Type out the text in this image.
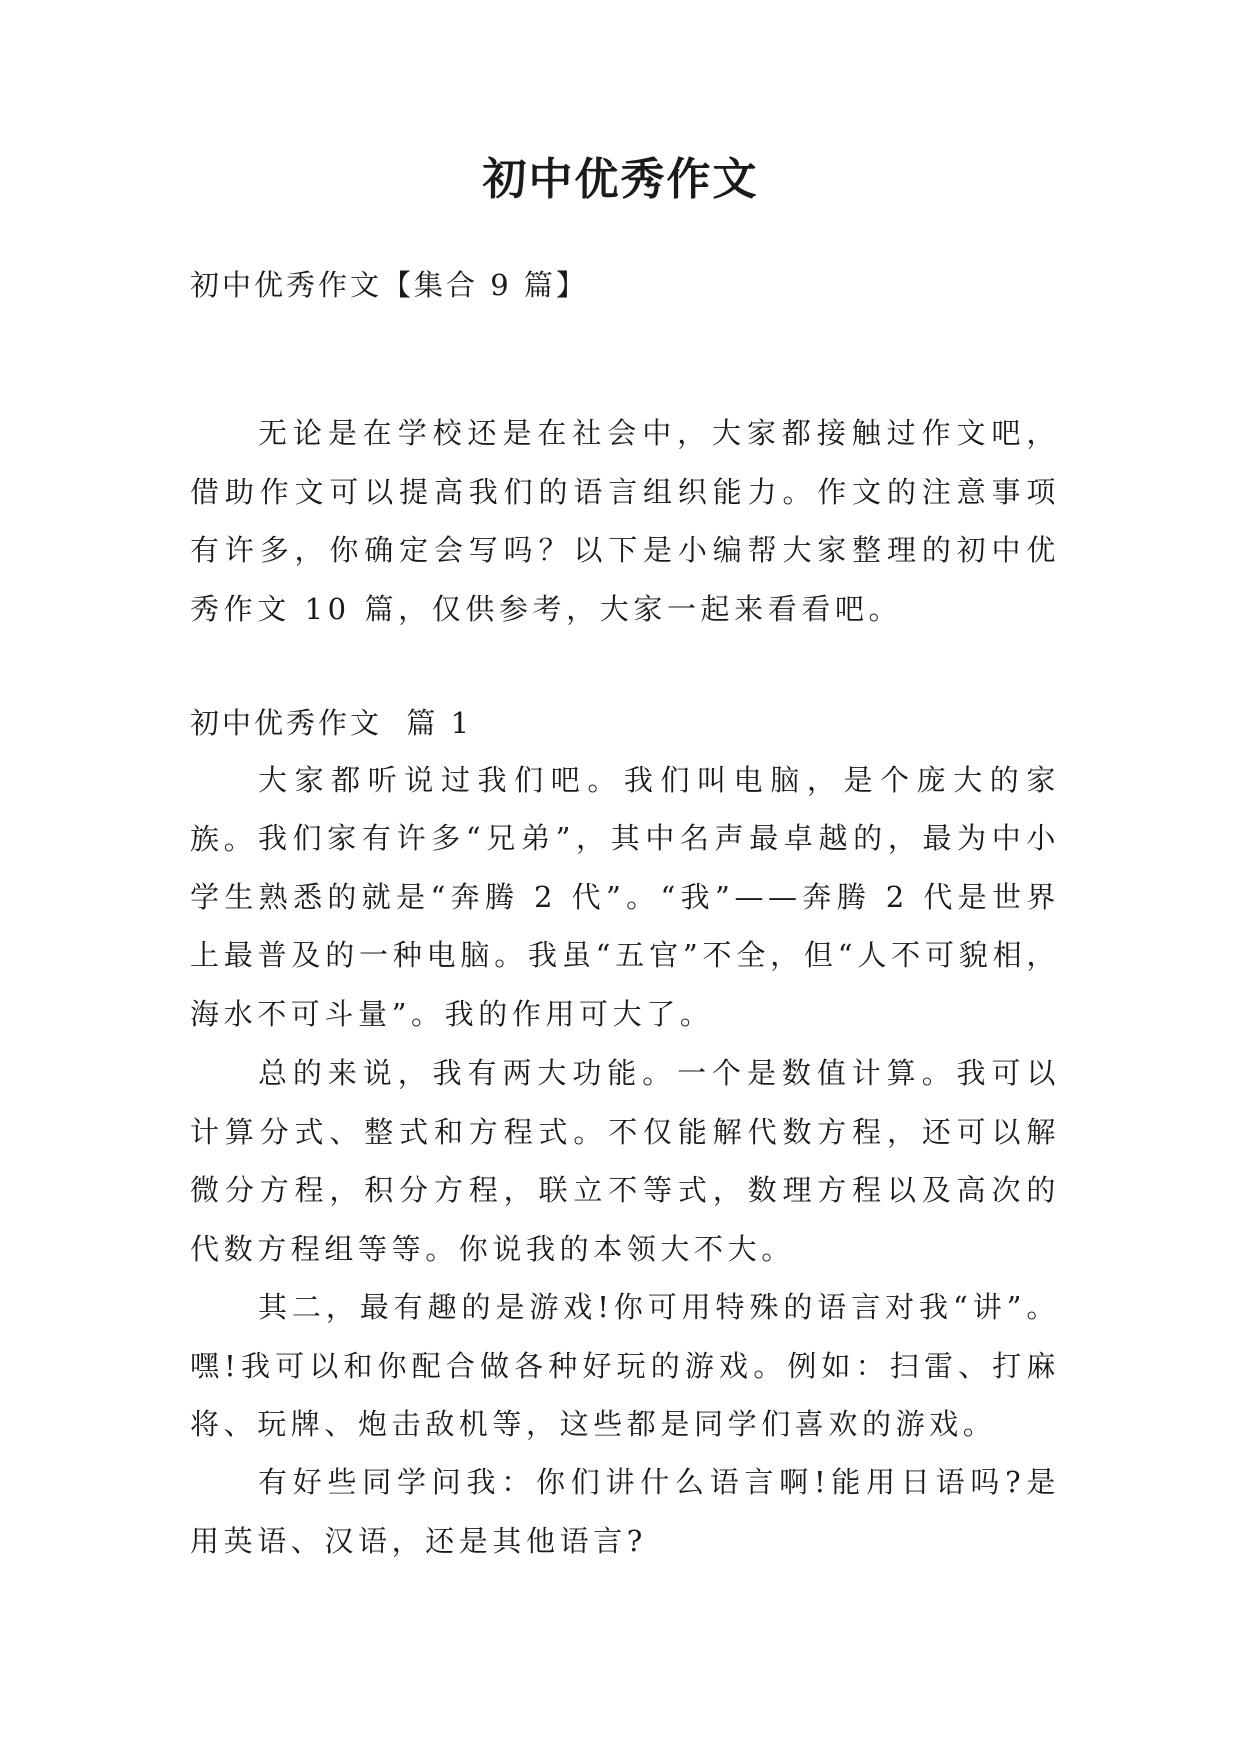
初中优秀作文

初中优秀作文【集合 9 篇】

无论是在学校还是在社会中，大家都接触过作文吧，借助作文可以提高我们的语言组织能力。作文的注意事项有许多，你确定会写吗？以下是小编帮大家整理的初中优秀作文 10 篇，仅供参考，大家一起来看看吧。

初中优秀作文  篇 1

大家都听说过我们吧。我们叫电脑，是个庞大的家族。 我们家有许多“兄弟”，其中名声最卓越的，最为中小学生熟悉的就是“奔腾 2 代”。“我”——奔腾 2 代是世界上最普及的一种电脑。我虽“五官”不全，但“人不可貌相，海水不可斗量”。我的作用可大了。

总的来说，我有两大功能。一个是数值计算。我可以计算分式、整式和方程式。不仅能解代数方程，还可以解微分方程，积分方程，联立不等式，数理方程以及高次的代数方程组等等。你说我的本领大不大。

其二，最有趣的是游戏!你可用特殊的语言对我“讲”。嘿!我可以和你配合做各种好玩的游戏。例如：扫雷、打麻将、玩牌、炮击敌机等，这些都是同学们喜欢的游戏。

有好些同学问我：你们讲什么语言啊!能用日语吗?是用英语、汉语，还是其他语言?
